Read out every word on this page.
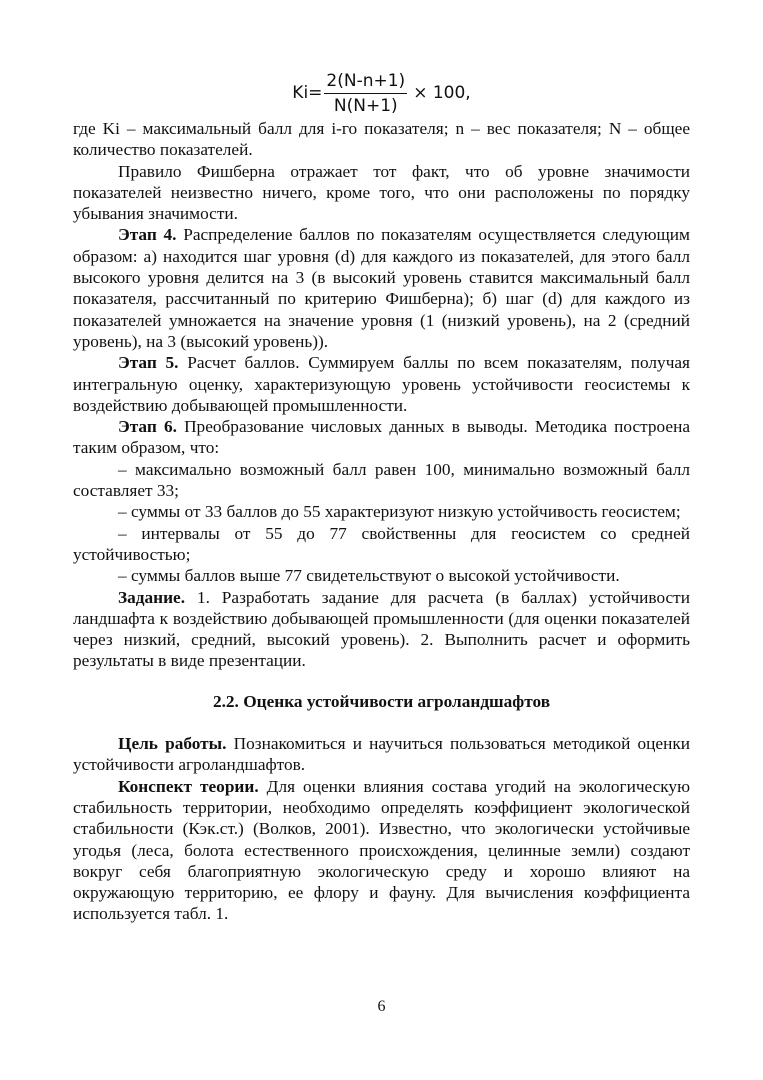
$Ki= \frac{2(N-n+1)}{N(N+1)} \times 100$,

где Ki – максимальный балл для i-го показателя; n – вес показателя; N – общее количество показателей.

Правило Фишберна отражает тот факт, что об уровне значимости показателей неизвестно ничего, кроме того, что они расположены по порядку убывания значимости.

Этап 4. Распределение баллов по показателям осуществляется следующим образом: а) находится шаг уровня (d) для каждого из показателей, для этого балл высокого уровня делится на 3 (в высокий уровень ставится максимальный балл показателя, рассчитанный по критерию Фишберна); б) шаг (d) для каждого из показателей умножается на значение уровня (1 (низкий уровень), на 2 (средний уровень), на 3 (высокий уровень)).

Этап 5. Расчет баллов. Суммируем баллы по всем показателям, получая интегральную оценку, характеризующую уровень устойчивости геосистемы к воздействию добывающей промышленности.

Этап 6. Преобразование числовых данных в выводы. Методика построена таким образом, что:

– максимально возможный балл равен 100, минимально возможный балл составляет 33;

– суммы от 33 баллов до 55 характеризуют низкую устойчивость геосистем;

– интервалы от 55 до 77 свойственны для геосистем со средней устойчивостью;

– суммы баллов выше 77 свидетельствуют о высокой устойчивости.

Задание. 1. Разработать задание для расчета (в баллах) устойчивости ландшафта к воздействию добывающей промышленности (для оценки показателей через низкий, средний, высокий уровень). 2. Выполнить расчет и оформить результаты в виде презентации.

2.2. Оценка устойчивости агроландшафтов

Цель работы. Познакомиться и научиться пользоваться методикой оценки устойчивости агроландшафтов.

Конспект теории. Для оценки влияния состава угодий на экологическую стабильность территории, необходимо определять коэффициент экологической стабильности (Кэк.ст.) (Волков, 2001). Известно, что экологически устойчивые угодья (леса, болота естественного происхождения, целинные земли) создают вокруг себя благоприятную экологическую среду и хорошо влияют на окружающую территорию, ее флору и фауну. Для вычисления коэффициента используется табл. 1.

6
